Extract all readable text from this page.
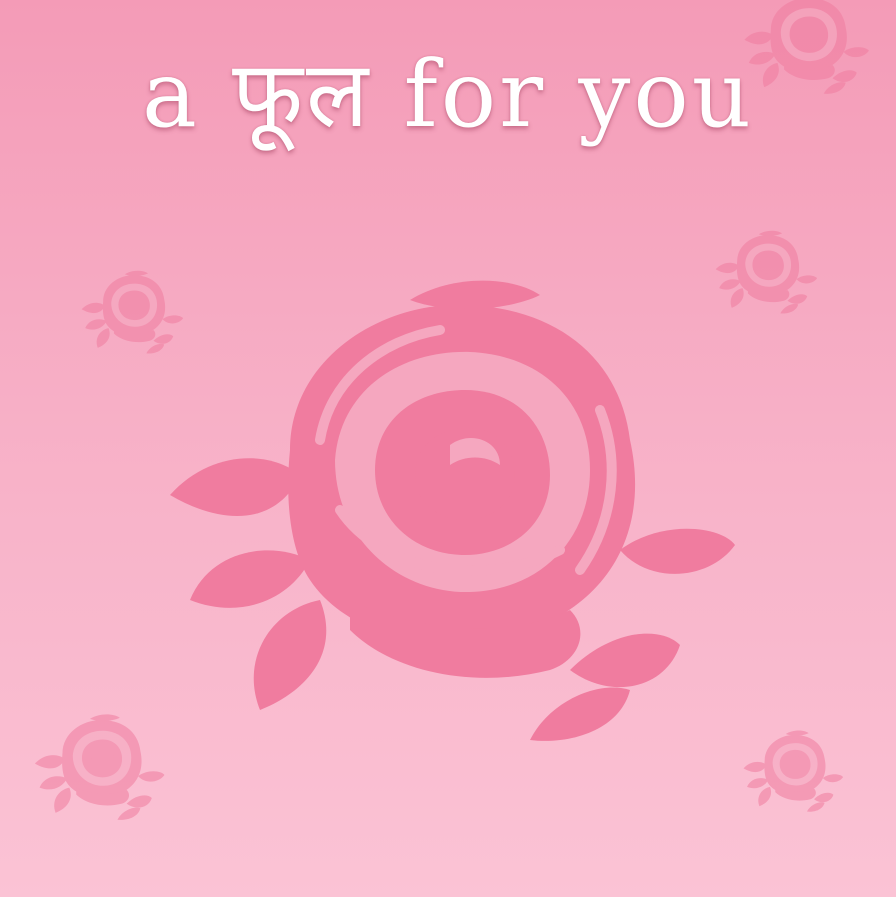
a फूल for you
